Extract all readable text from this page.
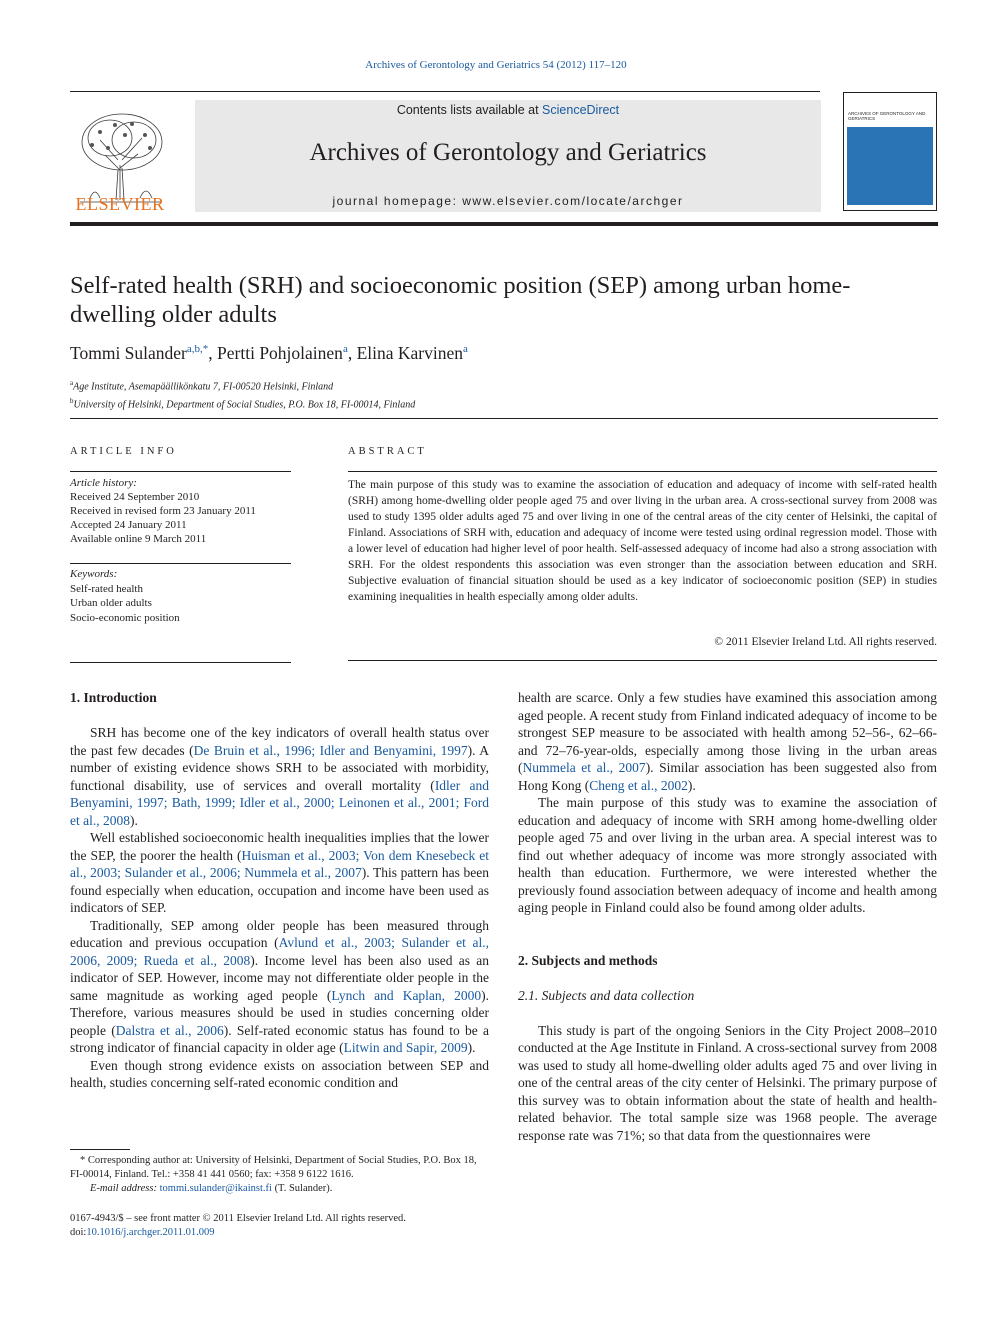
Archives of Gerontology and Geriatrics 54 (2012) 117–120
ELSEVIER
Contents lists available at ScienceDirect
Archives of Gerontology and Geriatrics
journal homepage: www.elsevier.com/locate/archger
ARCHIVES OF GERONTOLOGY AND GERIATRICS
Self-rated health (SRH) and socioeconomic position (SEP) among urban home-dwelling older adults
Tommi Sulander$^{a,b,*}$, Pertti Pohjolainen$^a$, Elina Karvinen$^a$
$^a$Age Institute, Asemapäällikönkatu 7, FI-00520 Helsinki, Finland
$^b$University of Helsinki, Department of Social Studies, P.O. Box 18, FI-00014, Finland
ARTICLE INFO
Article history:
Received 24 September 2010
Received in revised form 23 January 2011
Accepted 24 January 2011
Available online 9 March 2011
Keywords:
Self-rated health
Urban older adults
Socio-economic position
ABSTRACT
The main purpose of this study was to examine the association of education and adequacy of income with self-rated health (SRH) among home-dwelling older people aged 75 and over living in the urban area. A cross-sectional survey from 2008 was used to study 1395 older adults aged 75 and over living in one of the central areas of the city center of Helsinki, the capital of Finland. Associations of SRH with, education and adequacy of income were tested using ordinal regression model. Those with a lower level of education had higher level of poor health. Self-assessed adequacy of income had also a strong association with SRH. For the oldest respondents this association was even stronger than the association between education and SRH. Subjective evaluation of financial situation should be used as a key indicator of socioeconomic position (SEP) in studies examining inequalities in health especially among older adults.
© 2011 Elsevier Ireland Ltd. All rights reserved.
1. Introduction

SRH has become one of the key indicators of overall health status over the past few decades (De Bruin et al., 1996; Idler and Benyamini, 1997). A number of existing evidence shows SRH to be associated with morbidity, functional disability, use of services and overall mortality (Idler and Benyamini, 1997; Bath, 1999; Idler et al., 2000; Leinonen et al., 2001; Ford et al., 2008).

Well established socioeconomic health inequalities implies that the lower the SEP, the poorer the health (Huisman et al., 2003; Von dem Knesebeck et al., 2003; Sulander et al., 2006; Nummela et al., 2007). This pattern has been found especially when education, occupation and income have been used as indicators of SEP.

Traditionally, SEP among older people has been measured through education and previous occupation (Avlund et al., 2003; Sulander et al., 2006, 2009; Rueda et al., 2008). Income level has been also used as an indicator of SEP. However, income may not differentiate older people in the same magnitude as working aged people (Lynch and Kaplan, 2000). Therefore, various measures should be used in studies concerning older people (Dalstra et al., 2006). Self-rated economic status has found to be a strong indicator of financial capacity in older age (Litwin and Sapir, 2009).

Even though strong evidence exists on association between SEP and health, studies concerning self-rated economic condition and

health are scarce. Only a few studies have examined this association among aged people. A recent study from Finland indicated adequacy of income to be strongest SEP measure to be associated with health among 52–56-, 62–66- and 72–76-year-olds, especially among those living in the urban areas (Nummela et al., 2007). Similar association has been suggested also from Hong Kong (Cheng et al., 2002).

The main purpose of this study was to examine the association of education and adequacy of income with SRH among home-dwelling older people aged 75 and over living in the urban area. A special interest was to find out whether adequacy of income was more strongly associated with health than education. Furthermore, we were interested whether the previously found association between adequacy of income and health among aging people in Finland could also be found among older adults.

2. Subjects and methods
2.1. Subjects and data collection

This study is part of the ongoing Seniors in the City Project 2008–2010 conducted at the Age Institute in Finland. A cross-sectional survey from 2008 was used to study all home-dwelling older adults aged 75 and over living in one of the central areas of the city center of Helsinki. The primary purpose of this survey was to obtain information about the state of health and health-related behavior. The total sample size was 1968 people. The average response rate was 71%; so that data from the questionnaires were

* Corresponding author at: University of Helsinki, Department of Social Studies, P.O. Box 18, FI-00014, Finland. Tel.: +358 41 441 0560; fax: +358 9 6122 1616.
E-mail address: tommi.sulander@ikainst.fi (T. Sulander).
0167-4943/$ – see front matter © 2011 Elsevier Ireland Ltd. All rights reserved.
doi:10.1016/j.archger.2011.01.009
